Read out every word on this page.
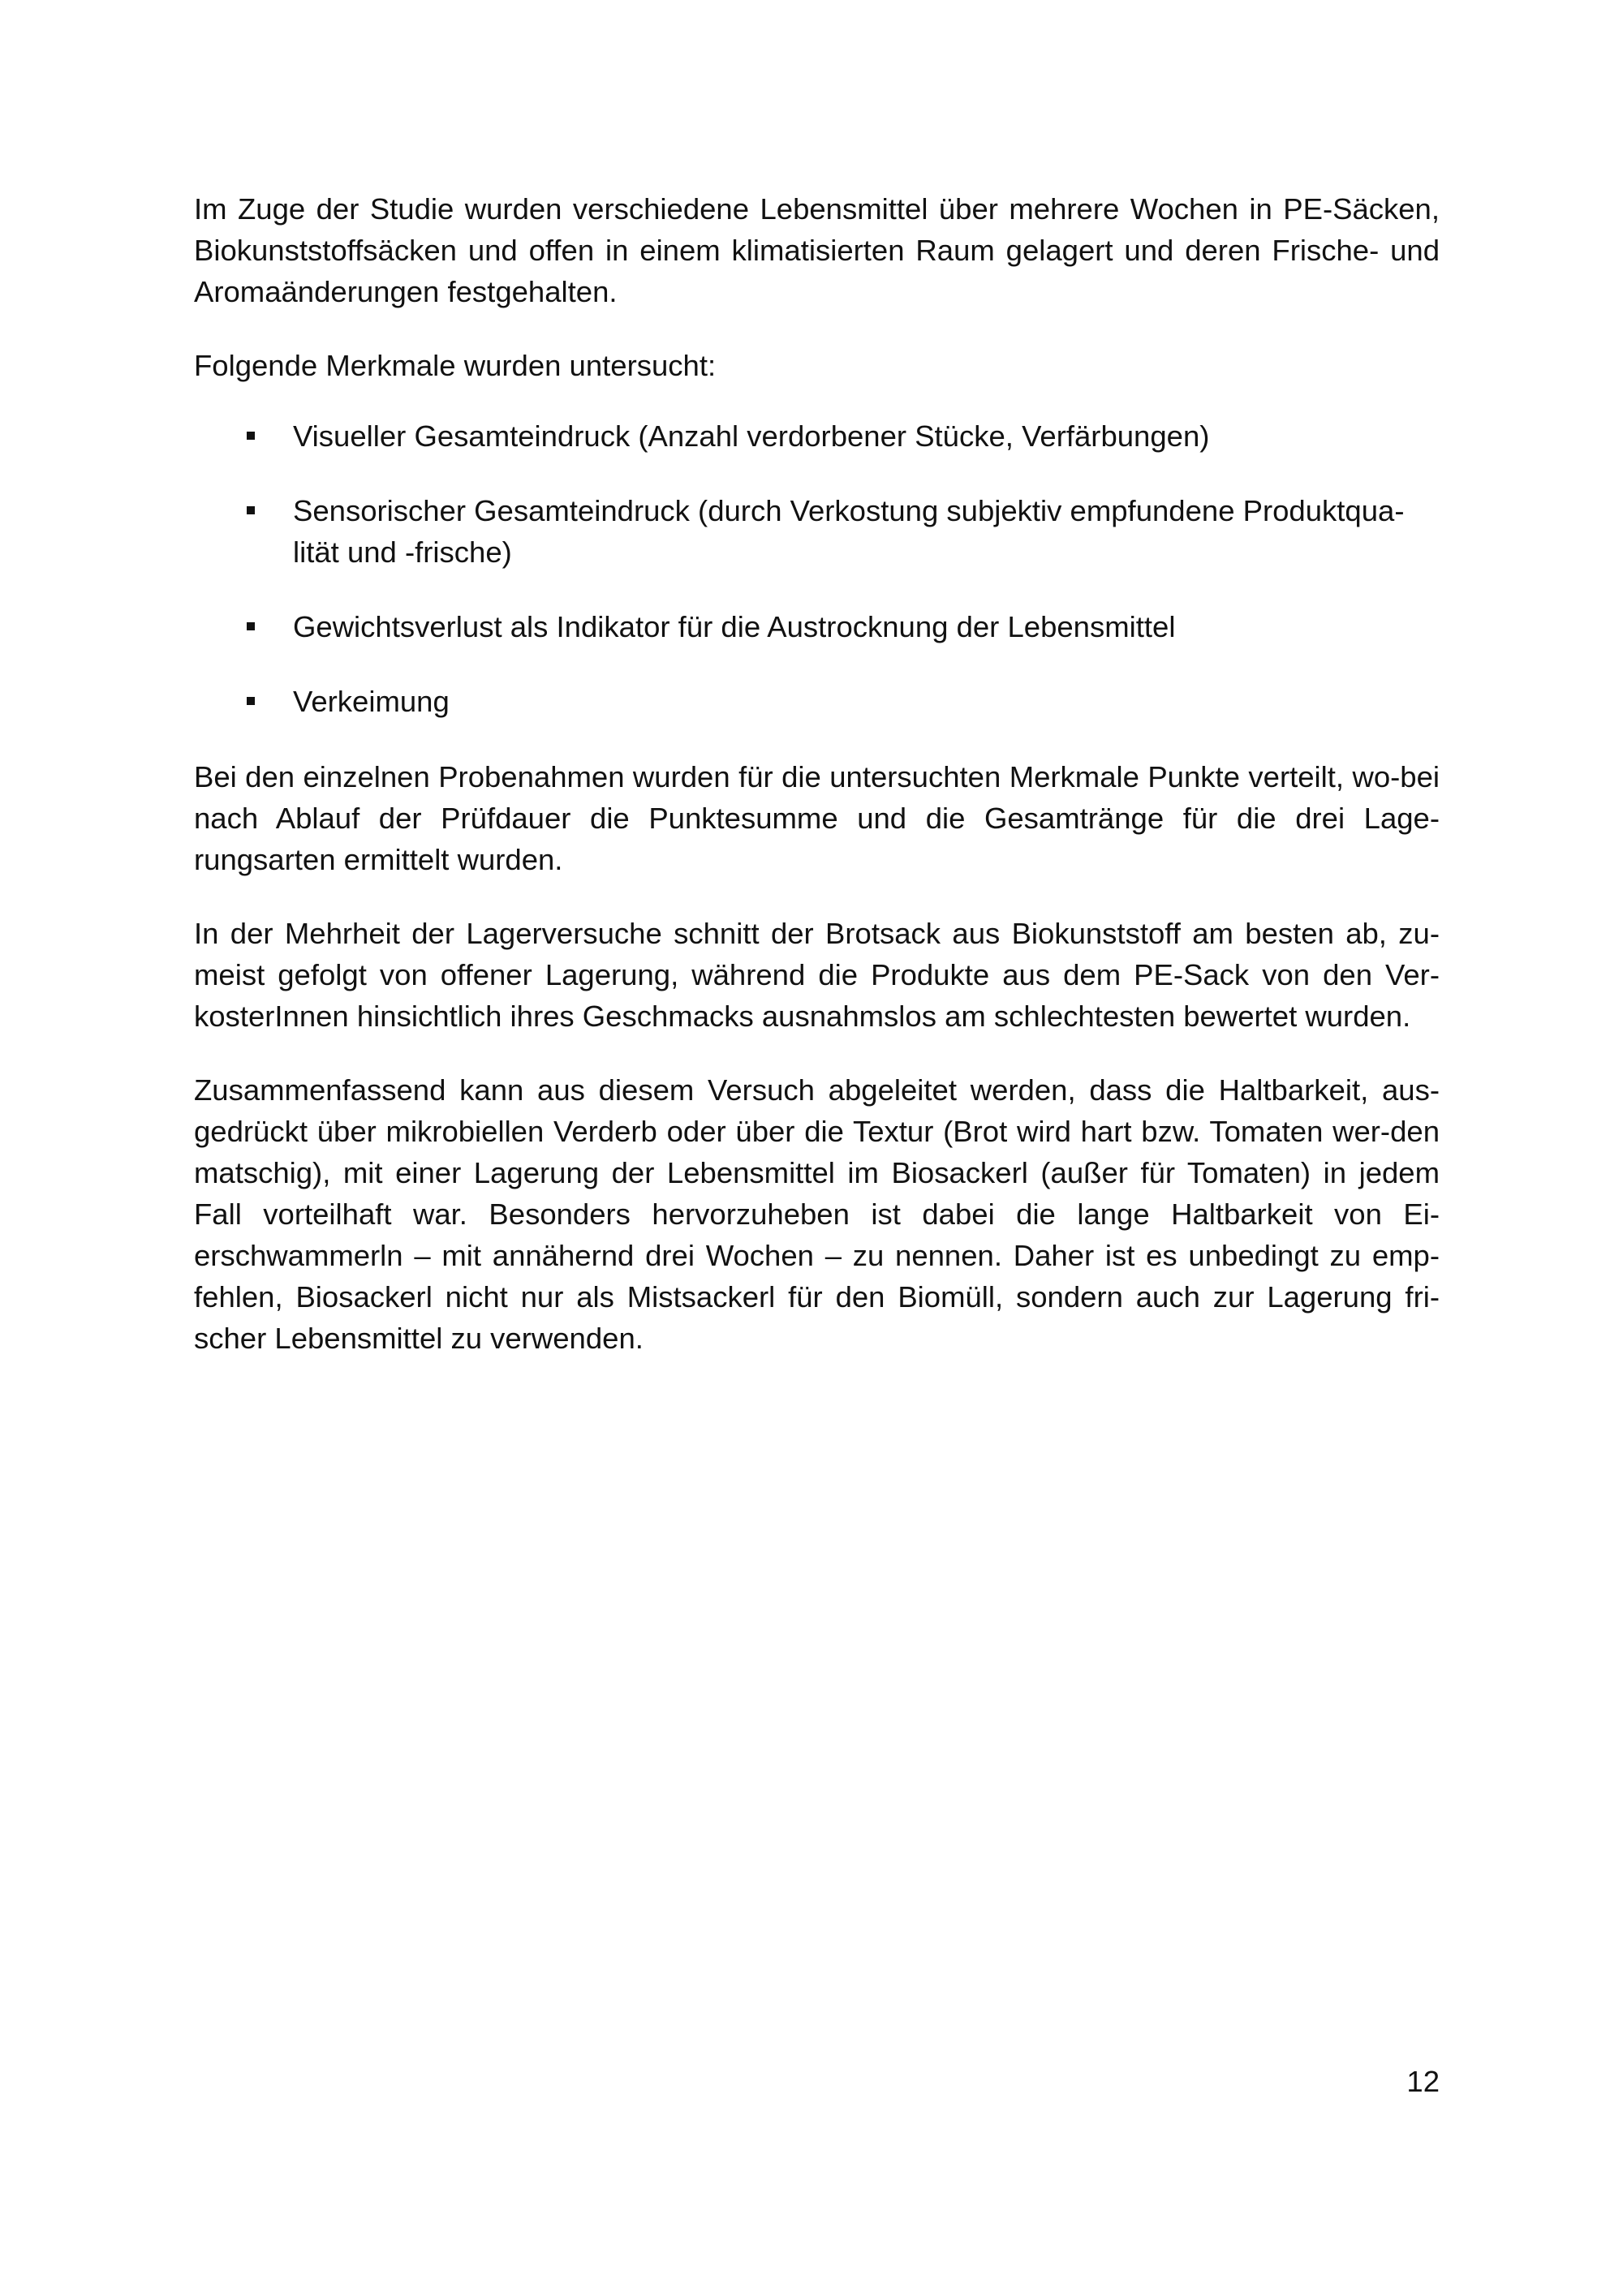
Im Zuge der Studie wurden verschiedene Lebensmittel über mehrere Wochen in PE-Säcken, Biokunststoffsäcken und offen in einem klimatisierten Raum gelagert und deren Frische- und Aromaänderungen festgehalten.

Folgende Merkmale wurden untersucht:

Visueller Gesamteindruck (Anzahl verdorbener Stücke, Verfärbungen)
Sensorischer Gesamteindruck (durch Verkostung subjektiv empfundene Produktqua-lität und -frische)
Gewichtsverlust als Indikator für die Austrocknung der Lebensmittel
Verkeimung

Bei den einzelnen Probenahmen wurden für die untersuchten Merkmale Punkte verteilt, wo-bei nach Ablauf der Prüfdauer die Punktesumme und die Gesamtränge für die drei Lage-rungsarten ermittelt wurden.

In der Mehrheit der Lagerversuche schnitt der Brotsack aus Biokunststoff am besten ab, zu-meist gefolgt von offener Lagerung, während die Produkte aus dem PE-Sack von den Ver-kosterInnen hinsichtlich ihres Geschmacks ausnahmslos am schlechtesten bewertet wurden.

Zusammenfassend kann aus diesem Versuch abgeleitet werden, dass die Haltbarkeit, aus-gedrückt über mikrobiellen Verderb oder über die Textur (Brot wird hart bzw. Tomaten wer-den matschig), mit einer Lagerung der Lebensmittel im Biosackerl (außer für Tomaten) in jedem Fall vorteilhaft war. Besonders hervorzuheben ist dabei die lange Haltbarkeit von Ei-erschwammerln – mit annähernd drei Wochen – zu nennen. Daher ist es unbedingt zu emp-fehlen, Biosackerl nicht nur als Mistsackerl für den Biomüll, sondern auch zur Lagerung fri-scher Lebensmittel zu verwenden.

12
